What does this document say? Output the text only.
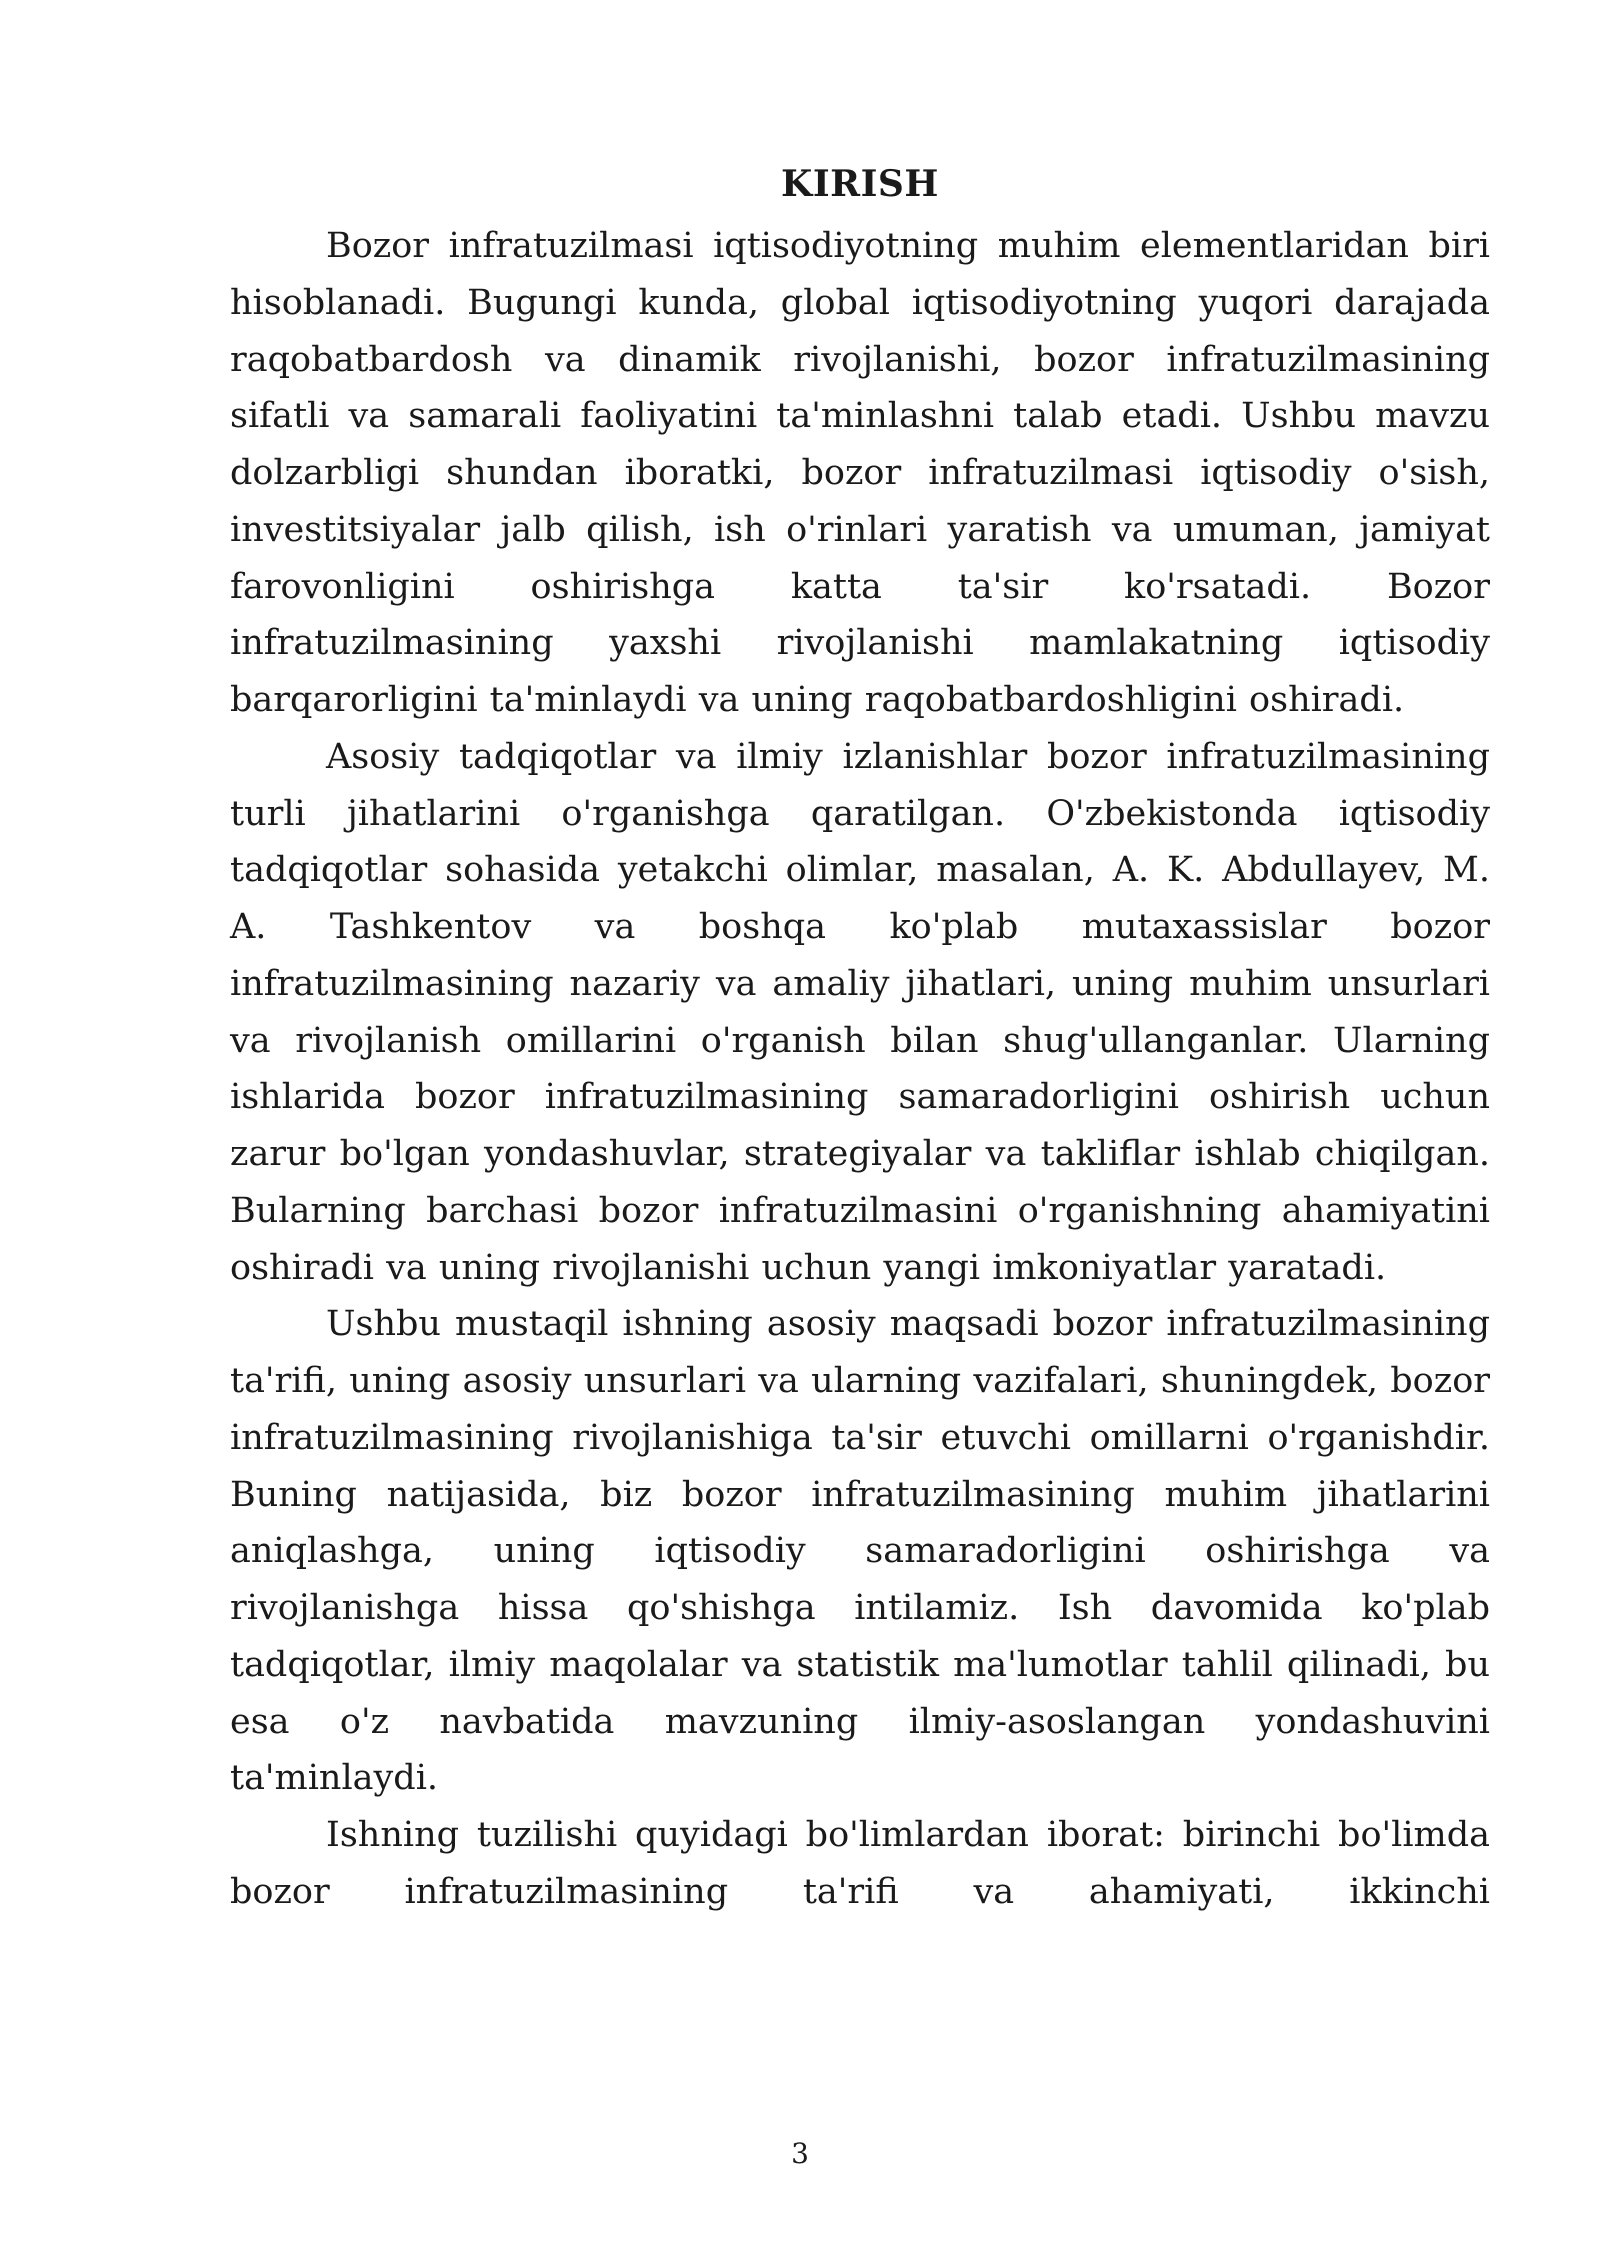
KIRISH

Bozor infratuzilmasi iqtisodiyotning muhim elementlaridan biri hisoblanadi. Bugungi kunda, global iqtisodiyotning yuqori darajada raqobatbardosh va dinamik rivojlanishi, bozor infratuzilmasining sifatli va samarali faoliyatini ta'minlashni talab etadi. Ushbu mavzu dolzarbligi shundan iboratki, bozor infratuzilmasi iqtisodiy o'sish, investitsiyalar jalb qilish, ish o'rinlari yaratish va umuman, jamiyat farovonligini oshirishga katta ta'sir ko'rsatadi. Bozor infratuzilmasining yaxshi rivojlanishi mamlakatning iqtisodiy barqarorligini ta'minlaydi va uning raqobatbardoshligini oshiradi.

Asosiy tadqiqotlar va ilmiy izlanishlar bozor infratuzilmasining turli jihatlarini o'rganishga qaratilgan. O'zbekistonda iqtisodiy tadqiqotlar sohasida yetakchi olimlar, masalan, A. K. Abdullayev, M. A. Tashkentov va boshqa ko'plab mutaxassislar bozor infratuzilmasining nazariy va amaliy jihatlari, uning muhim unsurlari va rivojlanish omillarini o'rganish bilan shug'ullanganlar. Ularning ishlarida bozor infratuzilmasining samaradorligini oshirish uchun zarur bo'lgan yondashuvlar, strategiyalar va takliflar ishlab chiqilgan. Bularning barchasi bozor infratuzilmasini o'rganishning ahamiyatini oshiradi va uning rivojlanishi uchun yangi imkoniyatlar yaratadi.

Ushbu mustaqil ishning asosiy maqsadi bozor infratuzilmasining ta'rifi, uning asosiy unsurlari va ularning vazifalari, shuningdek, bozor infratuzilmasining rivojlanishiga ta'sir etuvchi omillarni o'rganishdir. Buning natijasida, biz bozor infratuzilmasining muhim jihatlarini aniqlashga, uning iqtisodiy samaradorligini oshirishga va rivojlanishga hissa qo'shishga intilamiz. Ish davomida ko'plab tadqiqotlar, ilmiy maqolalar va statistik ma'lumotlar tahlil qilinadi, bu esa o'z navbatida mavzuning ilmiy-asoslangan yondashuvini ta'minlaydi.

Ishning tuzilishi quyidagi bo'limlardan iborat: birinchi bo'limda bozor infratuzilmasining ta'rifi va ahamiyati, ikkinchi

3
